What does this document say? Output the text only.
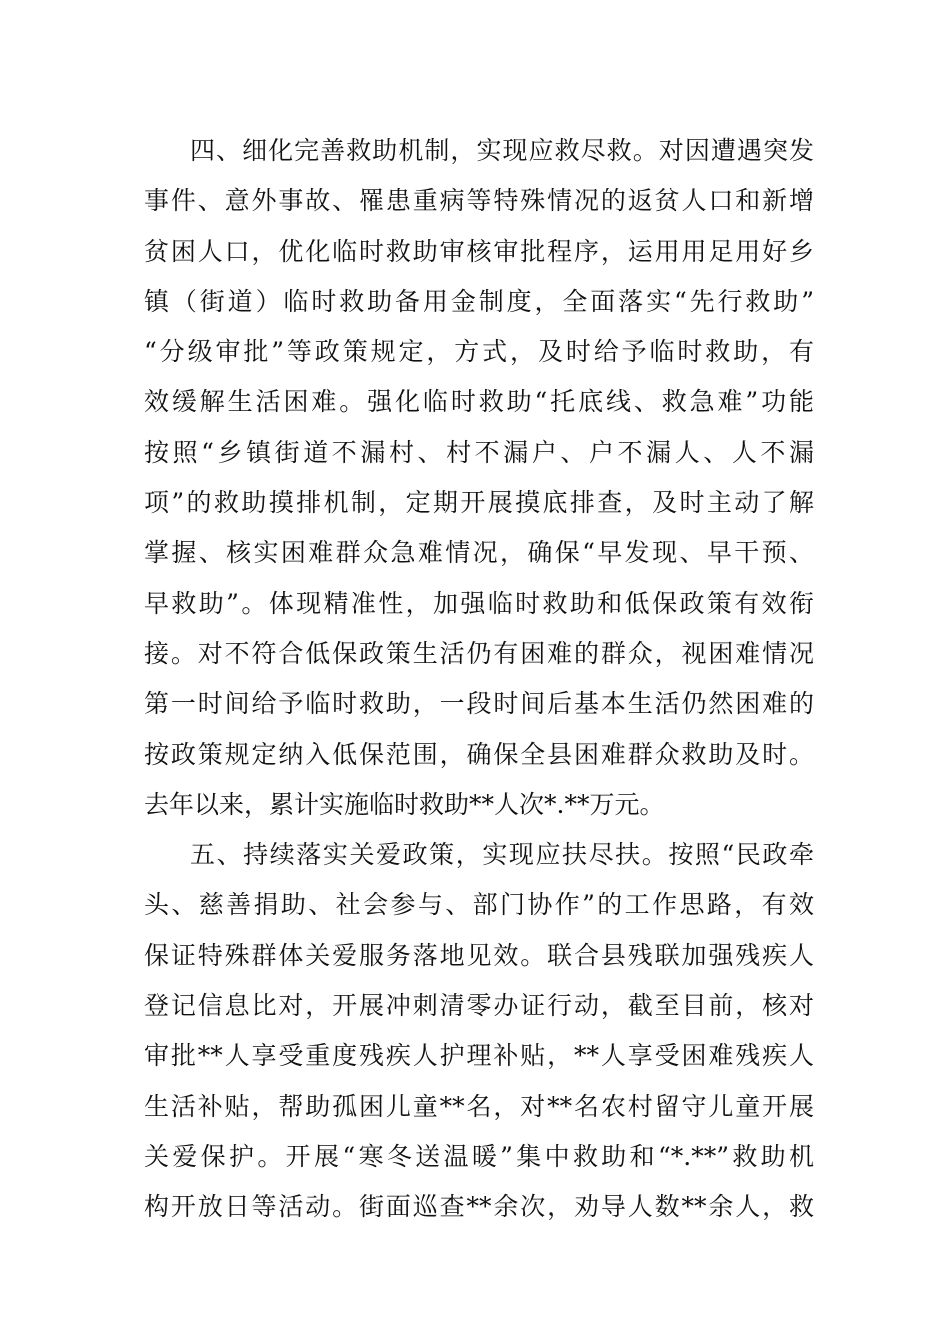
四、细化完善救助机制，实现应救尽救。对因遭遇突发
事件、意外事故、罹患重病等特殊情况的返贫人口和新增
贫困人口，优化临时救助审核审批程序，运用用足用好乡
镇（街道）临时救助备用金制度，全面落实“先行救助”
“分级审批”等政策规定，方式，及时给予临时救助，有
效缓解生活困难。强化临时救助“托底线、救急难”功能
按照“乡镇街道不漏村、村不漏户、户不漏人、人不漏
项”的救助摸排机制，定期开展摸底排查，及时主动了解
掌握、核实困难群众急难情况，确保“早发现、早干预、
早救助”。体现精准性，加强临时救助和低保政策有效衔
接。对不符合低保政策生活仍有困难的群众，视困难情况
第一时间给予临时救助，一段时间后基本生活仍然困难的
按政策规定纳入低保范围，确保全县困难群众救助及时。
去年以来，累计实施临时救助**人次*.**万元。
五、持续落实关爱政策，实现应扶尽扶。按照“民政牵
头、慈善捐助、社会参与、部门协作”的工作思路，有效
保证特殊群体关爱服务落地见效。联合县残联加强残疾人
登记信息比对，开展冲刺清零办证行动，截至目前，核对
审批**人享受重度残疾人护理补贴，**人享受困难残疾人
生活补贴，帮助孤困儿童**名，对**名农村留守儿童开展
关爱保护。开展“寒冬送温暖”集中救助和“*.**”救助机
构开放日等活动。街面巡查**余次，劝导人数**余人，救
